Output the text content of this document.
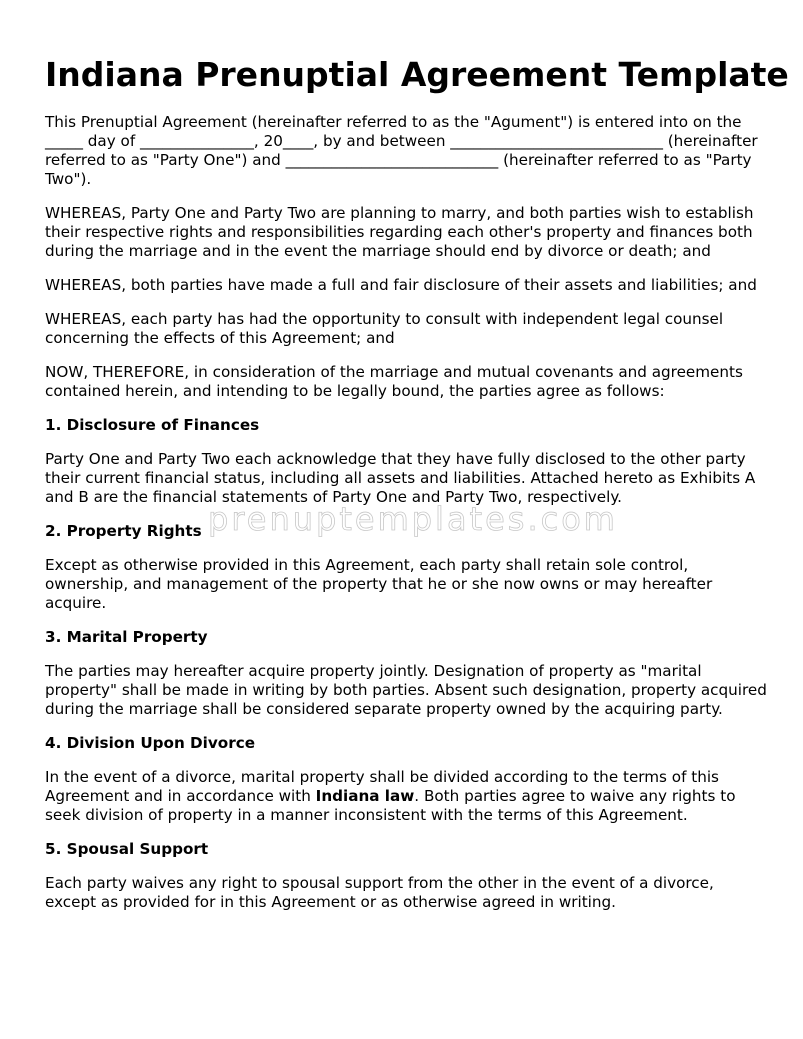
Indiana Prenuptial Agreement Template

This Prenuptial Agreement (hereinafter referred to as the "Agument") is entered into on the _____ day of _______________, 20____, by and between ____________________________ (hereinafter referred to as "Party One") and ____________________________ (hereinafter referred to as "Party Two").

WHEREAS, Party One and Party Two are planning to marry, and both parties wish to establish their respective rights and responsibilities regarding each other's property and finances both during the marriage and in the event the marriage should end by divorce or death; and

WHEREAS, both parties have made a full and fair disclosure of their assets and liabilities; and

WHEREAS, each party has had the opportunity to consult with independent legal counsel concerning the effects of this Agreement; and

NOW, THEREFORE, in consideration of the marriage and mutual covenants and agreements contained herein, and intending to be legally bound, the parties agree as follows:

1. Disclosure of Finances

Party One and Party Two each acknowledge that they have fully disclosed to the other party their current financial status, including all assets and liabilities. Attached hereto as Exhibits A and B are the financial statements of Party One and Party Two, respectively.

2. Property Rights

Except as otherwise provided in this Agreement, each party shall retain sole control, ownership, and management of the property that he or she now owns or may hereafter acquire.

3. Marital Property

The parties may hereafter acquire property jointly. Designation of property as "marital property" shall be made in writing by both parties. Absent such designation, property acquired during the marriage shall be considered separate property owned by the acquiring party.

4. Division Upon Divorce

In the event of a divorce, marital property shall be divided according to the terms of this Agreement and in accordance with Indiana law. Both parties agree to waive any rights to seek division of property in a manner inconsistent with the terms of this Agreement.

5. Spousal Support

Each party waives any right to spousal support from the other in the event of a divorce, except as provided for in this Agreement or as otherwise agreed in writing.

prenuptemplates.com
